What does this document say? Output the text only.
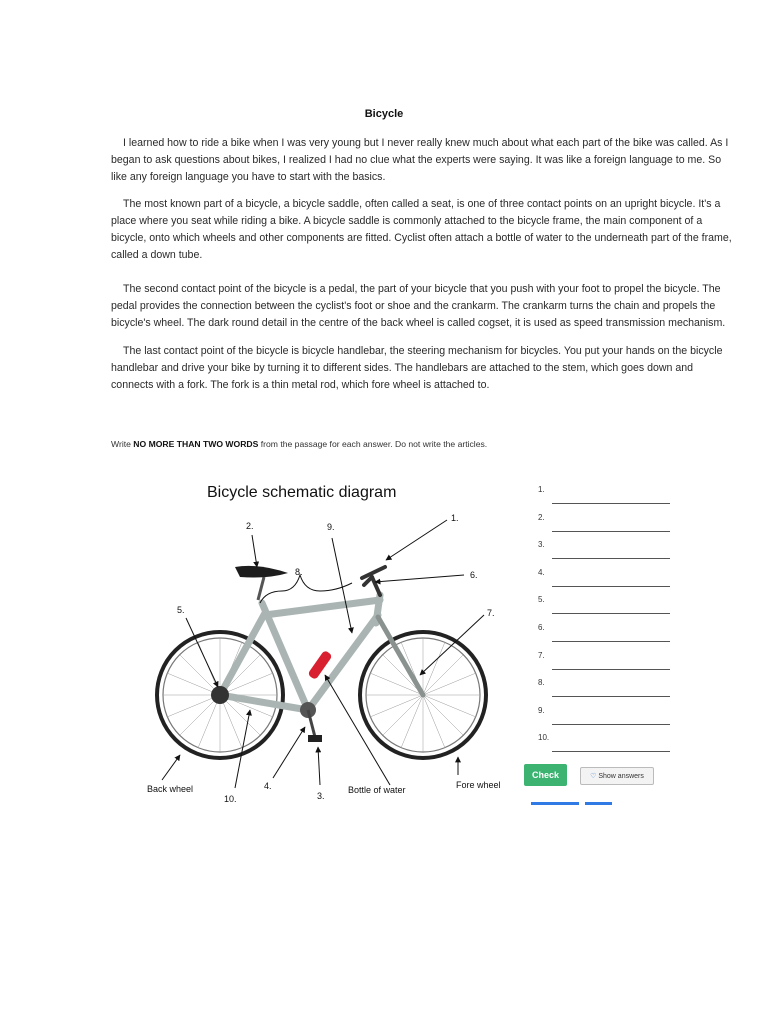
Bicycle

I learned how to ride a bike when I was very young but I never really knew much about what each part of the bike was called. As I began to ask questions about bikes, I realized I had no clue what the experts were saying. It was like a foreign language to me. So like any foreign language you have to start with the basics.

The most known part of a bicycle, a bicycle saddle, often called a seat, is one of three contact points on an upright bicycle. It's a place where you seat while riding a bike. A bicycle saddle is commonly attached to the bicycle frame, the main component of a bicycle, onto which wheels and other components are fitted. Cyclist often attach a bottle of water to the underneath part of the frame, called a down tube.

The second contact point of the bicycle is a pedal, the part of your bicycle that you push with your foot to propel the bicycle. The pedal provides the connection between the cyclist's foot or shoe and the crankarm. The crankarm turns the chain and propels the bicycle's wheel. The dark round detail in the centre of the back wheel is called cogset, it is used as speed transmission mechanism.

The last contact point of the bicycle is bicycle handlebar, the steering mechanism for bicycles. You put your hands on the bicycle handlebar and drive your bike by turning it to different sides. The handlebars are attached to the stem, which goes down and connects with a fork. The fork is a thin metal rod, which fore wheel is attached to.

Write NO MORE THAN TWO WORDS from the passage for each answer. Do not write the articles.
Bicycle schematic diagram
1.
2.
3.
4.
5.
6.
7.
8.
9.
10.
Back wheel	Bottle of water	Fore wheel
1.
2.
3.
4.
5.
6.
7.
8.
9.
10.
Check	♡ Show answers
